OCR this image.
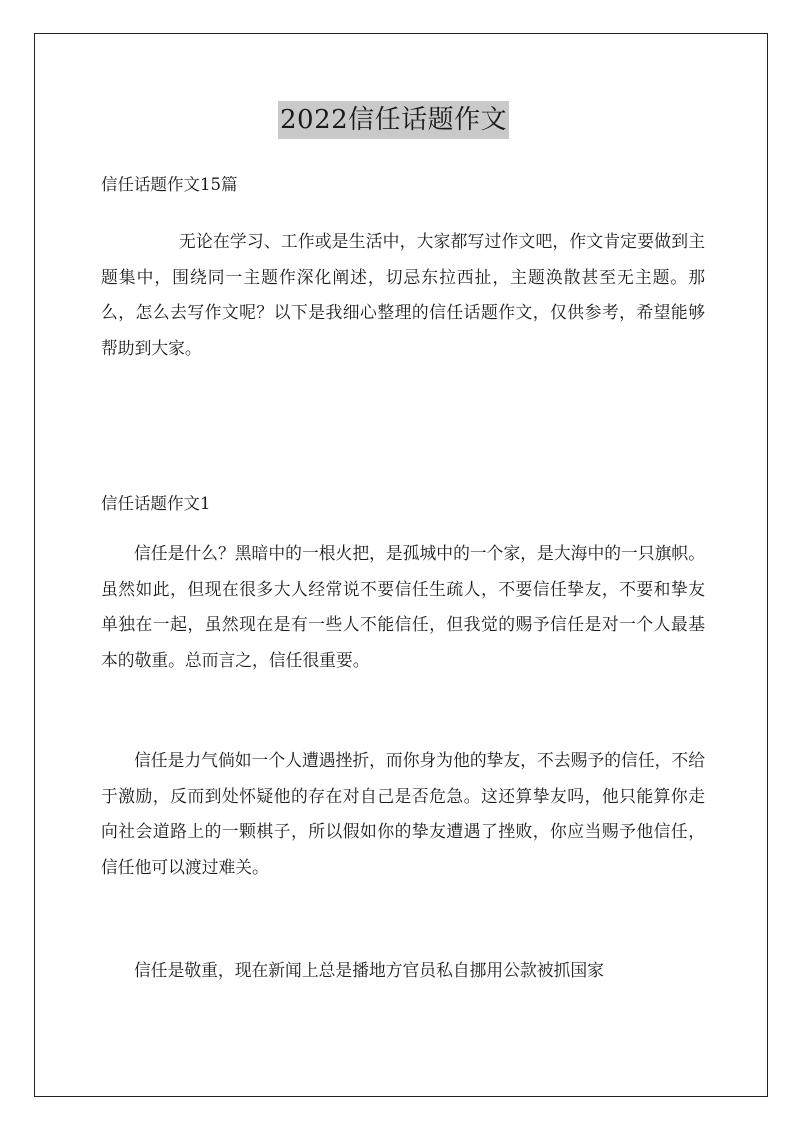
2022信任话题作文
信任话题作文15篇

无论在学习、工作或是生活中，大家都写过作文吧，作文肯定要做到主题集中，围绕同一主题作深化阐述，切忌东拉西扯，主题涣散甚至无主题。那么，怎么去写作文呢？以下是我细心整理的信任话题作文，仅供参考，希望能够帮助到大家。

信任话题作文1

信任是什么？黑暗中的一根火把，是孤城中的一个家，是大海中的一只旗帜。虽然如此，但现在很多大人经常说不要信任生疏人，不要信任挚友，不要和挚友单独在一起，虽然现在是有一些人不能信任，但我觉的赐予信任是对一个人最基本的敬重。总而言之，信任很重要。

信任是力气倘如一个人遭遇挫折，而你身为他的挚友，不去赐予的信任，不给于激励，反而到处怀疑他的存在对自己是否危急。这还算挚友吗，他只能算你走向社会道路上的一颗棋子，所以假如你的挚友遭遇了挫败，你应当赐予他信任，信任他可以渡过难关。

信任是敬重，现在新闻上总是播地方官员私自挪用公款被抓国家
